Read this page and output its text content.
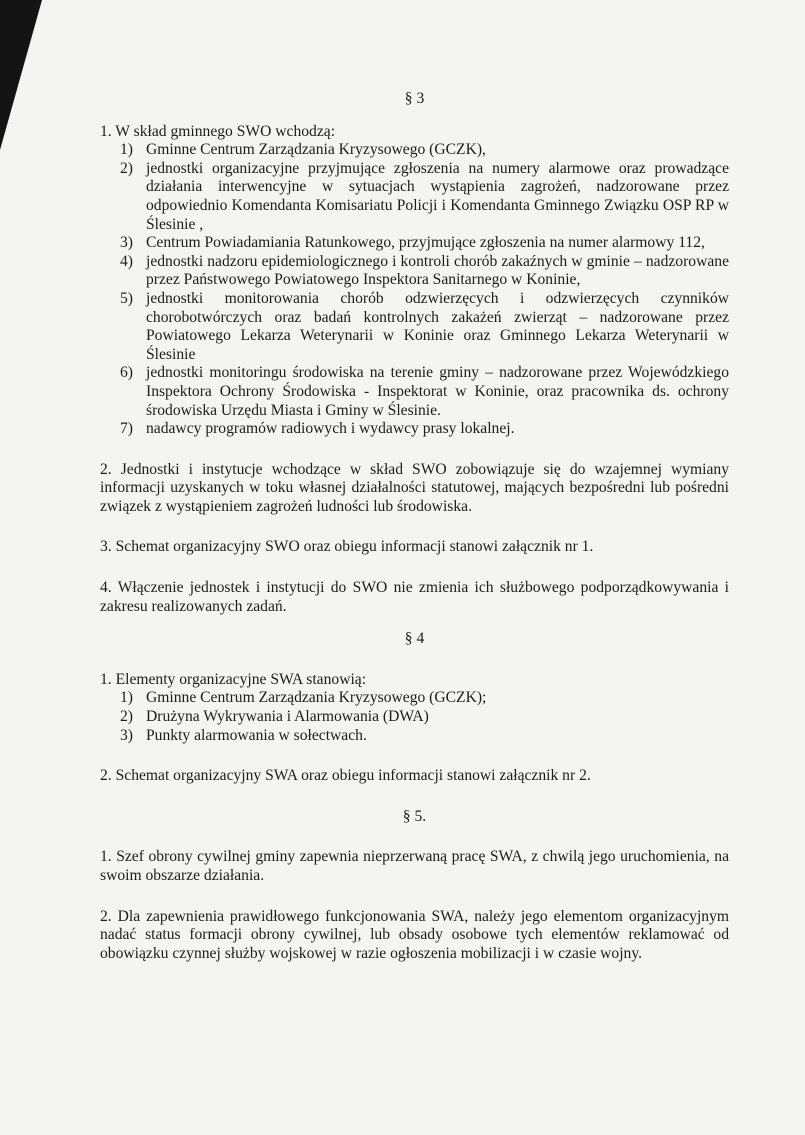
§ 3

1. W skład gminnego SWO wchodzą:

1) Gminne Centrum Zarządzania Kryzysowego (GCZK),
2) jednostki organizacyjne przyjmujące zgłoszenia na numery alarmowe oraz prowadzące działania interwencyjne w sytuacjach wystąpienia zagrożeń, nadzorowane przez odpowiednio Komendanta Komisariatu Policji i Komendanta Gminnego Związku OSP RP w Ślesinie ,
3) Centrum Powiadamiania Ratunkowego, przyjmujące zgłoszenia na numer alarmowy 112,
4) jednostki nadzoru epidemiologicznego i kontroli chorób zakaźnych w gminie – nadzorowane przez Państwowego Powiatowego Inspektora Sanitarnego w Koninie,
5) jednostki monitorowania chorób odzwierzęcych i odzwierzęcych czynników chorobotwórczych oraz badań kontrolnych zakażeń zwierząt – nadzorowane przez Powiatowego Lekarza Weterynarii w Koninie oraz Gminnego Lekarza Weterynarii w Ślesinie
6) jednostki monitoringu środowiska na terenie gminy – nadzorowane przez Wojewódzkiego Inspektora Ochrony Środowiska - Inspektorat w Koninie, oraz pracownika ds. ochrony środowiska Urzędu Miasta i Gminy w Ślesinie.
7) nadawcy programów radiowych i wydawcy prasy lokalnej.

2. Jednostki i instytucje wchodzące w skład SWO zobowiązuje się do wzajemnej wymiany informacji uzyskanych w toku własnej działalności statutowej, mających bezpośredni lub pośredni związek z wystąpieniem zagrożeń ludności lub środowiska.

3. Schemat organizacyjny SWO oraz obiegu informacji stanowi załącznik nr 1.

4. Włączenie jednostek i instytucji do SWO nie zmienia ich służbowego podporządkowywania i zakresu realizowanych zadań.

§ 4

1. Elementy organizacyjne SWA stanowią:

1) Gminne Centrum Zarządzania Kryzysowego (GCZK);
2) Drużyna Wykrywania i Alarmowania (DWA)
3) Punkty alarmowania w sołectwach.

2. Schemat organizacyjny SWA oraz obiegu informacji stanowi załącznik nr 2.

§ 5.

1. Szef obrony cywilnej gminy zapewnia nieprzerwaną pracę SWA, z chwilą jego uruchomienia, na swoim obszarze działania.

2. Dla zapewnienia prawidłowego funkcjonowania SWA, należy jego elementom organizacyjnym nadać status formacji obrony cywilnej, lub obsady osobowe tych elementów reklamować od obowiązku czynnej służby wojskowej w razie ogłoszenia mobilizacji i w czasie wojny.
